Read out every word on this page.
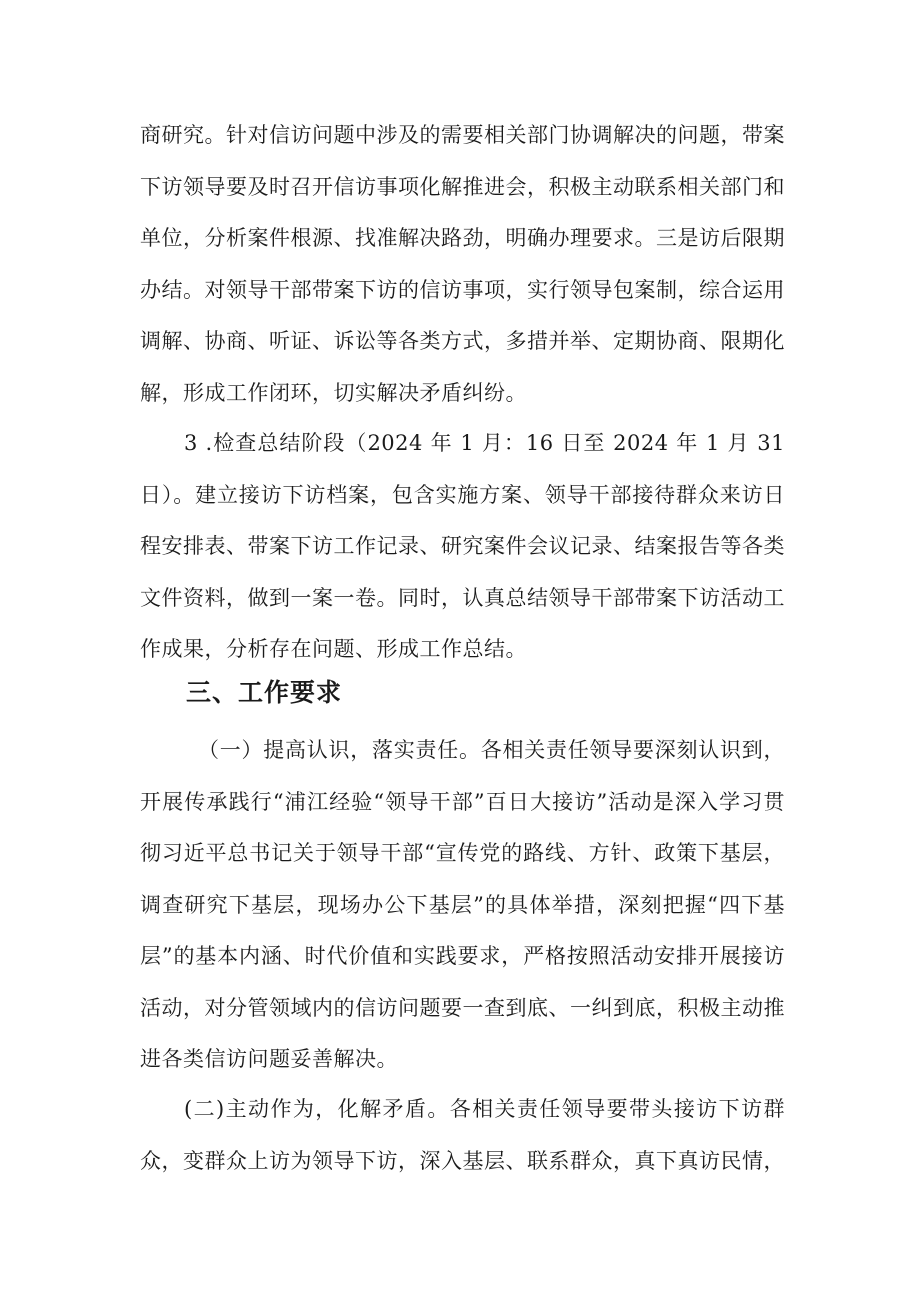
商研究。针对信访问题中涉及的需要相关部门协调解决的问题，带案下访领导要及时召开信访事项化解推进会，积极主动联系相关部门和单位，分析案件根源、找准解决路劲，明确办理要求。三是访后限期办结。对领导干部带案下访的信访事项，实行领导包案制，综合运用调解、协商、听证、诉讼等各类方式，多措并举、定期协商、限期化解，形成工作闭环，切实解决矛盾纠纷。
3 .检查总结阶段（2024 年 1 月：16 日至 2024 年 1 月 31 日）。建立接访下访档案，包含实施方案、领导干部接待群众来访日程安排表、带案下访工作记录、研究案件会议记录、结案报告等各类文件资料，做到一案一卷。同时，认真总结领导干部带案下访活动工作成果，分析存在问题、形成工作总结。
三、工作要求
（一）提高认识，落实责任。各相关责任领导要深刻认识到，开展传承践行“浦江经验“领导干部”百日大接访”活动是深入学习贯彻习近平总书记关于领导干部“宣传党的路线、方针、政策下基层，调查研究下基层，现场办公下基层”的具体举措，深刻把握“四下基层”的基本内涵、时代价值和实践要求，严格按照活动安排开展接访活动，对分管领域内的信访问题要一查到底、一纠到底，积极主动推进各类信访问题妥善解决。
(二)主动作为，化解矛盾。各相关责任领导要带头接访下访群众，变群众上访为领导下访，深入基层、联系群众，真下真访民情，
